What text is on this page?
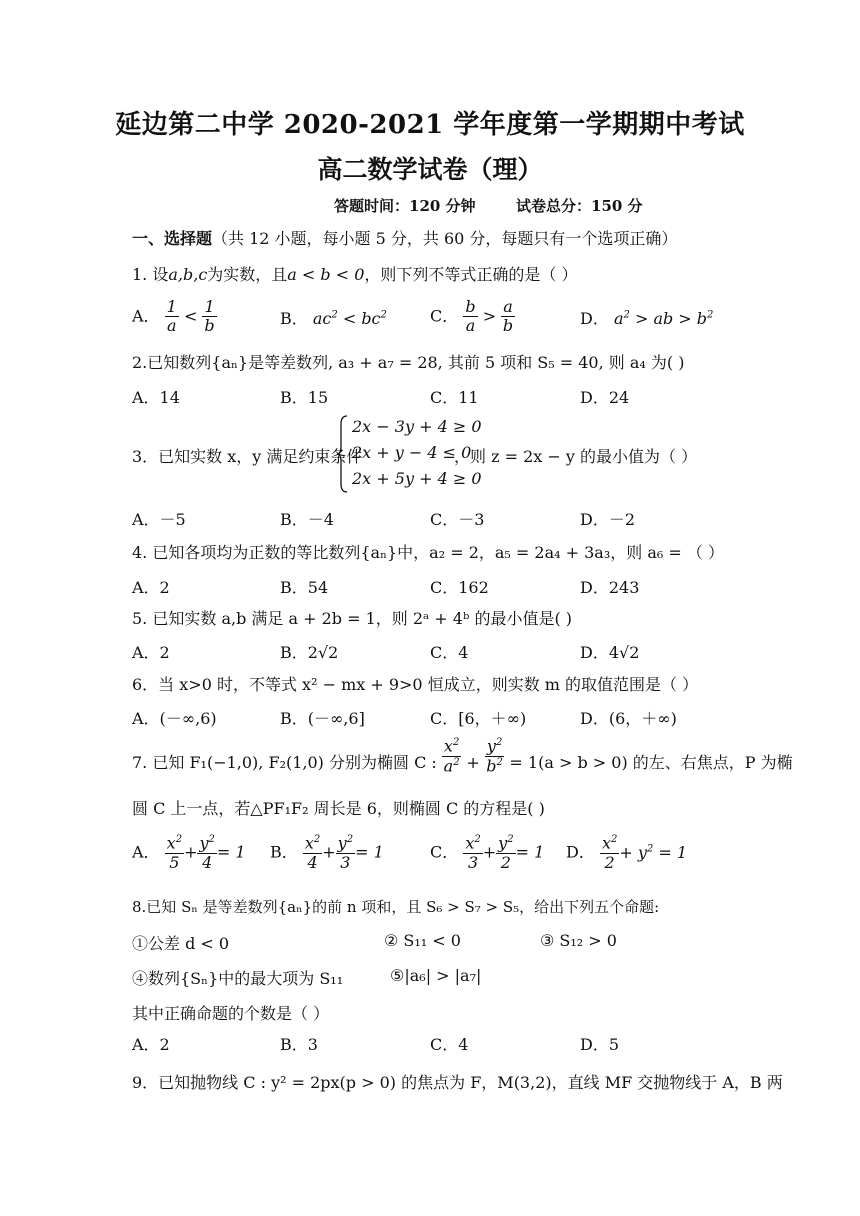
延边第二中学 2020-2021 学年度第一学期期中考试
高二数学试卷（理）
答题时间：120 分钟	试卷总分：150 分
一、选择题（共 12 小题，每小题 5 分，共 60 分，每题只有一个选项正确）
1. 设a,b,c为实数，且a < b < 0，则下列不等式正确的是（ ）
A． $\frac{1}{a} < \frac{1}{b}$	B． $ac^2 < bc^2$	C． $\frac{b}{a} > \frac{a}{b}$	D． $a^2$ > ab > $b^2$
2.已知数列{aₙ}是等差数列, a₃ + a₇ = 28, 其前 5 项和 S₅ = 40, 则 a₄ 为( )
A．14	B．15	C．11	D．24
3．已知实数 x，y 满足约束条件
2x − 3y + 4 ≥ 0
2x + y − 4 ≤ 0
2x + 5y + 4 ≥ 0
，则 z = 2x − y 的最小值为（ ）
A．－5	B．－4	C．－3	D．－2
4. 已知各项均为正数的等比数列{aₙ}中，a₂ = 2，a₅ = 2a₄ + 3a₃，则 a₆ = （ ）
A．2	B．54	C．162	D．243
5. 已知实数 a,b 满足 a + 2b = 1，则 2ᵃ + 4ᵇ 的最小值是( )
A．2	B．2√2	C．4	D．4√2
6．当 x>0 时，不等式 x² − mx + 9>0 恒成立，则实数 m 的取值范围是（ ）
A．(－∞,6)	B．(－∞,6]	C．[6，＋∞)	D．(6，＋∞)
7. 已知 F₁(−1,0), F₂(1,0) 分别为椭圆 C : $\frac{x^2}{a^2} + \frac{y^2}{b^2} = 1(a > b > 0)$ 的左、右焦点，P 为椭
圆 C 上一点，若△PF₁F₂ 周长是 6，则椭圆 C 的方程是( )
A． $\frac{x^2}{5} + \frac{y^2}{4} = 1$ B． $\frac{x^2}{4} + \frac{y^2}{3} = 1$	C． $\frac{x^2}{3} + \frac{y^2}{2} = 1$ D． $\frac{x^2}{2} + y^2 = 1$
8.已知 Sₙ 是等差数列{aₙ}的前 n 项和，且 S₆ > S₇ > S₅，给出下列五个命题:
①公差 d < 0	② S₁₁ < 0	③ S₁₂ > 0
④数列{Sₙ}中的最大项为 S₁₁	⑤|a₆| > |a₇|
其中正确命题的个数是（ ）
A．2	B．3	C．4	D．5
9．已知抛物线 C : y² = 2px(p > 0) 的焦点为 F，M(3,2)，直线 MF 交抛物线于 A，B 两
